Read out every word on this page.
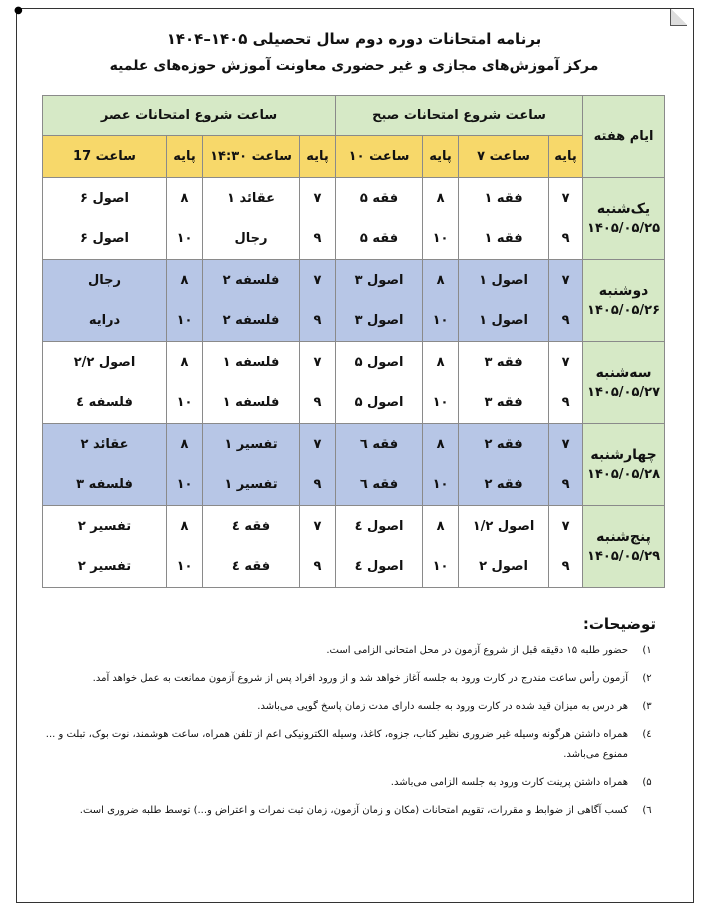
●
برنامه امتحانات دوره دوم سال تحصیلی ۱۴۰۵–۱۴۰۴
مرکز آموزش‌های مجازی و غیر حضوری معاونت آموزش حوزه‌های علمیه
ایام هفته	ساعت شروع امتحانات صبح				ساعت شروع امتحانات عصر			
	پایه	ساعت ۷	پایه	ساعت ۱۰	پایه	ساعت ۱۴:۳۰	پایه	ساعت 17

یک‌شنبه
۱۴۰۵/۰۵/۲۵	۷	فقه ۱	۸	فقه ۵	۷	عقائد ۱	۸	اصول ۶
	۹	فقه ۱	۱۰	فقه ۵	۹	رجال	۱۰	اصول ۶

دوشنبه
۱۴۰۵/۰۵/۲۶	۷	اصول ۱	۸	اصول ۳	۷	فلسفه ۲	۸	رجال
	۹	اصول ۱	۱۰	اصول ۳	۹	فلسفه ۲	۱۰	درایه

سه‌شنبه
۱۴۰۵/۰۵/۲۷	۷	فقه ۳	۸	اصول ۵	۷	فلسفه ۱	۸	اصول ۲/۲
	۹	فقه ۳	۱۰	اصول ۵	۹	فلسفه ۱	۱۰	فلسفه ٤

چهارشنبه
۱۴۰۵/۰۵/۲۸	۷	فقه ۲	۸	فقه ٦	۷	تفسیر ۱	۸	عقائد ۲
	۹	فقه ۲	۱۰	فقه ٦	۹	تفسیر ۱	۱۰	فلسفه ۳

پنج‌شنبه
۱۴۰۵/۰۵/۲۹	۷	اصول ۱/۲	۸	اصول ٤	۷	فقه ٤	۸	تفسیر ۲
	۹	اصول ۲	۱۰	اصول ٤	۹	فقه ٤	۱۰	تفسیر ۲
توضیحات:
۱)
حضور طلبه ۱۵ دقیقه قبل از شروع آزمون در محل امتحانی الزامی است.
۲)
آزمون رأس ساعت مندرج در کارت ورود به جلسه آغاز خواهد شد و از ورود افراد پس از شروع آزمون ممانعت به عمل خواهد آمد.
۳)
هر درس به میزان قید شده در کارت ورود به جلسه دارای مدت زمان پاسخ گویی می‌باشد.
٤)
همراه داشتن هرگونه وسیله غیر ضروری نظیر کتاب، جزوه، کاغذ، وسیله الکترونیکی اعم از تلفن همراه، ساعت هوشمند، نوت بوک، تبلت و ... ممنوع می‌باشد.
۵)
همراه داشتن پرینت کارت ورود به جلسه الزامی می‌باشد.
٦)
کسب آگاهی از ضوابط و مقررات، تقویم امتحانات (مکان و زمان آزمون، زمان ثبت نمرات و اعتراض و...) توسط طلبه ضروری است.
